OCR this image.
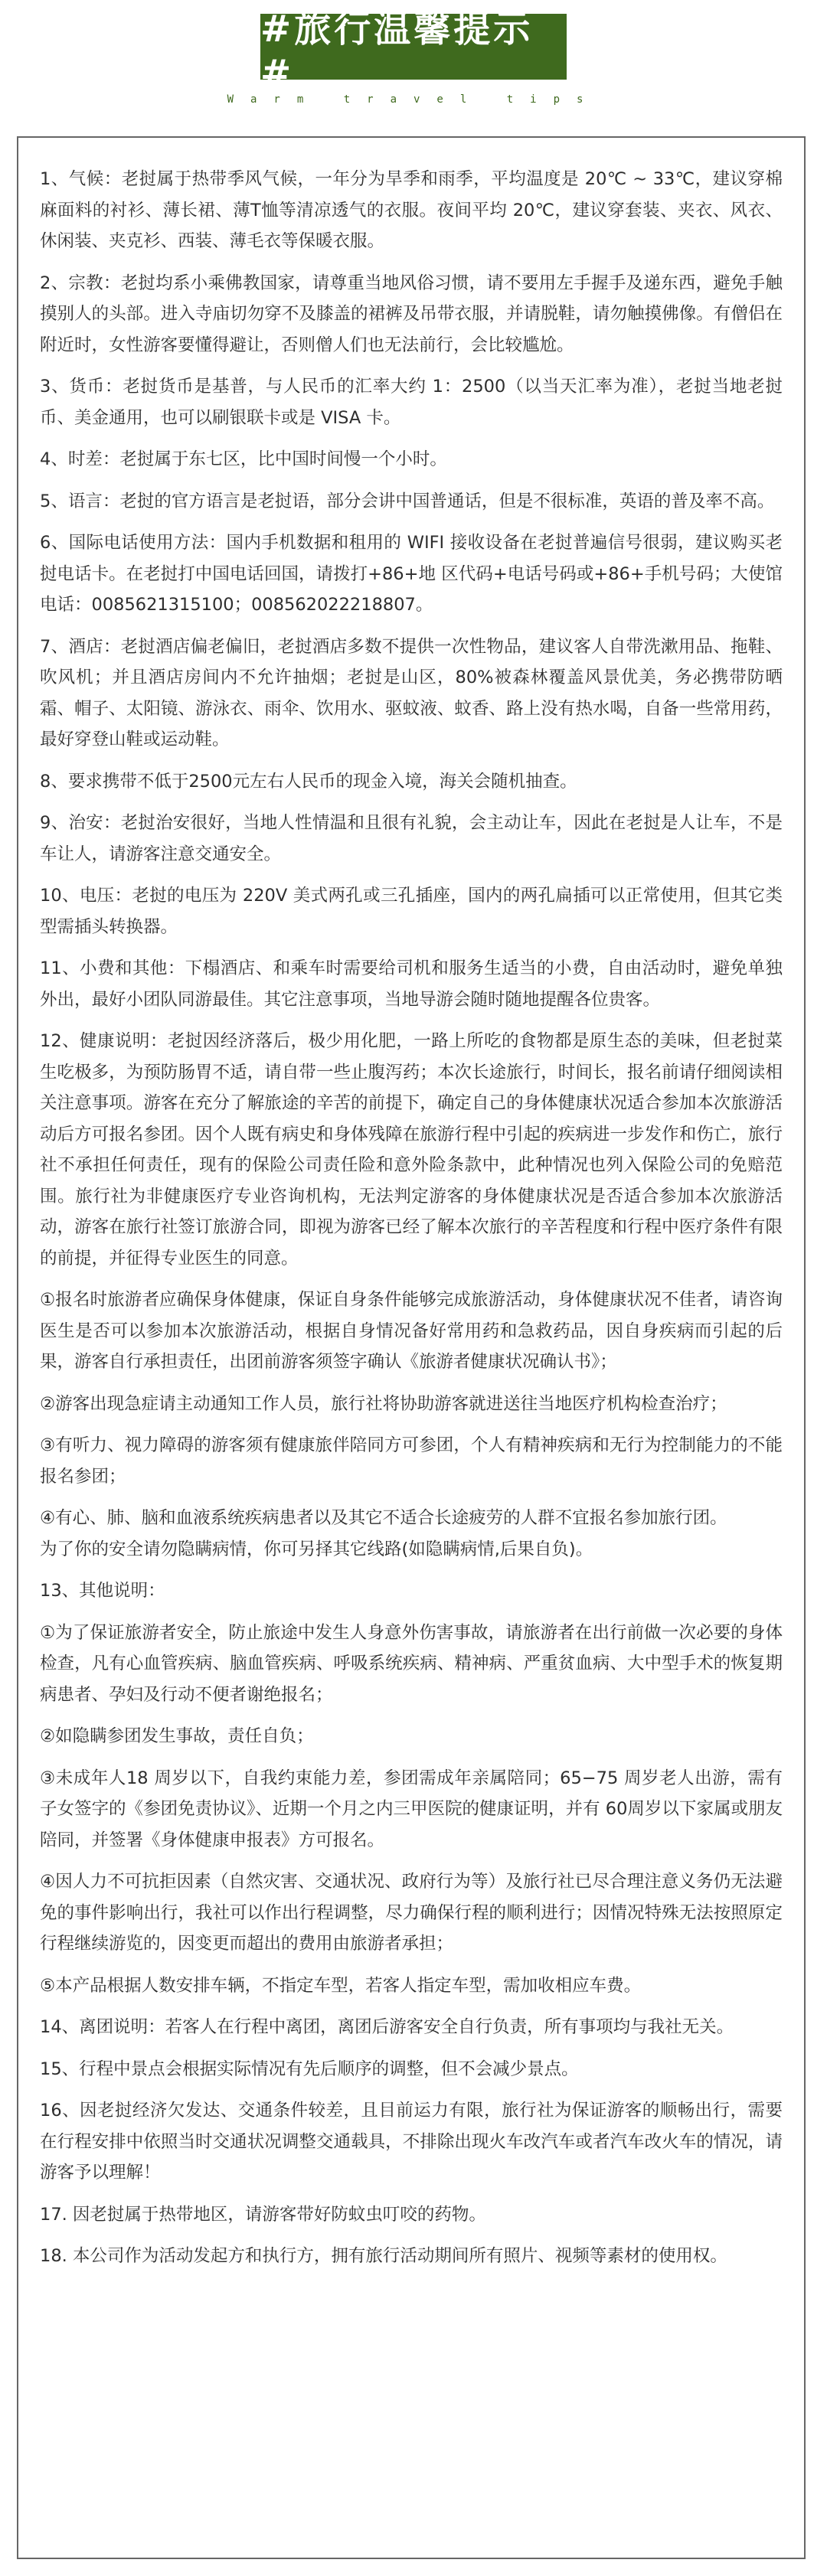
#旅行温馨提示#
Warm travel tips

1、气候：老挝属于热带季风气候，一年分为旱季和雨季，平均温度是 20℃ ~ 33℃，建议穿棉麻面料的衬衫、薄长裙、薄T恤等清凉透气的衣服。夜间平均 20℃，建议穿套装、夹衣、风衣、休闲装、夹克衫、西装、薄毛衣等保暖衣服。

2、宗教：老挝均系小乘佛教国家，请尊重当地风俗习惯，请不要用左手握手及递东西，避免手触摸别人的头部。进入寺庙切勿穿不及膝盖的裙裤及吊带衣服，并请脱鞋，请勿触摸佛像。有僧侣在附近时，女性游客要懂得避让，否则僧人们也无法前行，会比较尴尬。

3、货币：老挝货币是基普，与人民币的汇率大约 1：2500（以当天汇率为准），老挝当地老挝币、美金通用，也可以刷银联卡或是 VISA 卡。

4、时差：老挝属于东七区，比中国时间慢一个小时。

5、语言：老挝的官方语言是老挝语，部分会讲中国普通话，但是不很标准，英语的普及率不高。

6、国际电话使用方法：国内手机数据和租用的 WIFI 接收设备在老挝普遍信号很弱，建议购买老挝电话卡。在老挝打中国电话回国，请拨打+86+地 区代码+电话号码或+86+手机号码；大使馆电话：0085621315100；008562022218807。

7、酒店：老挝酒店偏老偏旧，老挝酒店多数不提供一次性物品，建议客人自带洗漱用品、拖鞋、吹风机；并且酒店房间内不允许抽烟；老挝是山区，80%被森林覆盖风景优美，务必携带防晒霜、帽子、太阳镜、游泳衣、雨伞、饮用水、驱蚊液、蚊香、路上没有热水喝，自备一些常用药，最好穿登山鞋或运动鞋。

8、要求携带不低于2500元左右人民币的现金入境，海关会随机抽查。

9、治安：老挝治安很好，当地人性情温和且很有礼貌，会主动让车，因此在老挝是人让车，不是车让人，请游客注意交通安全。

10、电压：老挝的电压为 220V 美式两孔或三孔插座，国内的两孔扁插可以正常使用，但其它类型需插头转换器。

11、小费和其他：下榻酒店、和乘车时需要给司机和服务生适当的小费，自由活动时，避免单独外出，最好小团队同游最佳。其它注意事项，当地导游会随时随地提醒各位贵客。

12、健康说明：老挝因经济落后，极少用化肥，一路上所吃的食物都是原生态的美味，但老挝菜生吃极多，为预防肠胃不适，请自带一些止腹泻药；本次长途旅行，时间长，报名前请仔细阅读相关注意事项。游客在充分了解旅途的辛苦的前提下，确定自己的身体健康状况适合参加本次旅游活动后方可报名参团。因个人既有病史和身体残障在旅游行程中引起的疾病进一步发作和伤亡，旅行社不承担任何责任，现有的保险公司责任险和意外险条款中，此种情况也列入保险公司的免赔范围。旅行社为非健康医疗专业咨询机构，无法判定游客的身体健康状况是否适合参加本次旅游活动，游客在旅行社签订旅游合同，即视为游客已经了解本次旅行的辛苦程度和行程中医疗条件有限的前提，并征得专业医生的同意。

①报名时旅游者应确保身体健康，保证自身条件能够完成旅游活动，身体健康状况不佳者，请咨询医生是否可以参加本次旅游活动，根据自身情况备好常用药和急救药品，因自身疾病而引起的后果，游客自行承担责任，出团前游客须签字确认《旅游者健康状况确认书》；

②游客出现急症请主动通知工作人员，旅行社将协助游客就进送往当地医疗机构检查治疗；

③有听力、视力障碍的游客须有健康旅伴陪同方可参团，个人有精神疾病和无行为控制能力的不能报名参团；

④有心、肺、脑和血液系统疾病患者以及其它不适合长途疲劳的人群不宜报名参加旅行团。

为了你的安全请勿隐瞒病情，你可另择其它线路(如隐瞒病情,后果自负)。

13、其他说明：

①为了保证旅游者安全，防止旅途中发生人身意外伤害事故，请旅游者在出行前做一次必要的身体检查，凡有心血管疾病、脑血管疾病、呼吸系统疾病、精神病、严重贫血病、大中型手术的恢复期病患者、孕妇及行动不便者谢绝报名；

②如隐瞒参团发生事故，责任自负；

③未成年人18 周岁以下，自我约束能力差，参团需成年亲属陪同；65−75 周岁老人出游，需有子女签字的《参团免责协议》、近期一个月之内三甲医院的健康证明，并有 60周岁以下家属或朋友陪同，并签署《身体健康申报表》方可报名。

④因人力不可抗拒因素（自然灾害、交通状况、政府行为等）及旅行社已尽合理注意义务仍无法避免的事件影响出行，我社可以作出行程调整，尽力确保行程的顺利进行；因情况特殊无法按照原定行程继续游览的，因变更而超出的费用由旅游者承担；

⑤本产品根据人数安排车辆，不指定车型，若客人指定车型，需加收相应车费。

14、离团说明：若客人在行程中离团，离团后游客安全自行负责，所有事项均与我社无关。

15、行程中景点会根据实际情况有先后顺序的调整，但不会减少景点。

16、因老挝经济欠发达、交通条件较差，且目前运力有限，旅行社为保证游客的顺畅出行，需要在行程安排中依照当时交通状况调整交通载具，不排除出现火车改汽车或者汽车改火车的情况，请游客予以理解！

17. 因老挝属于热带地区，请游客带好防蚊虫叮咬的药物。

18. 本公司作为活动发起方和执行方，拥有旅行活动期间所有照片、视频等素材的使用权。
